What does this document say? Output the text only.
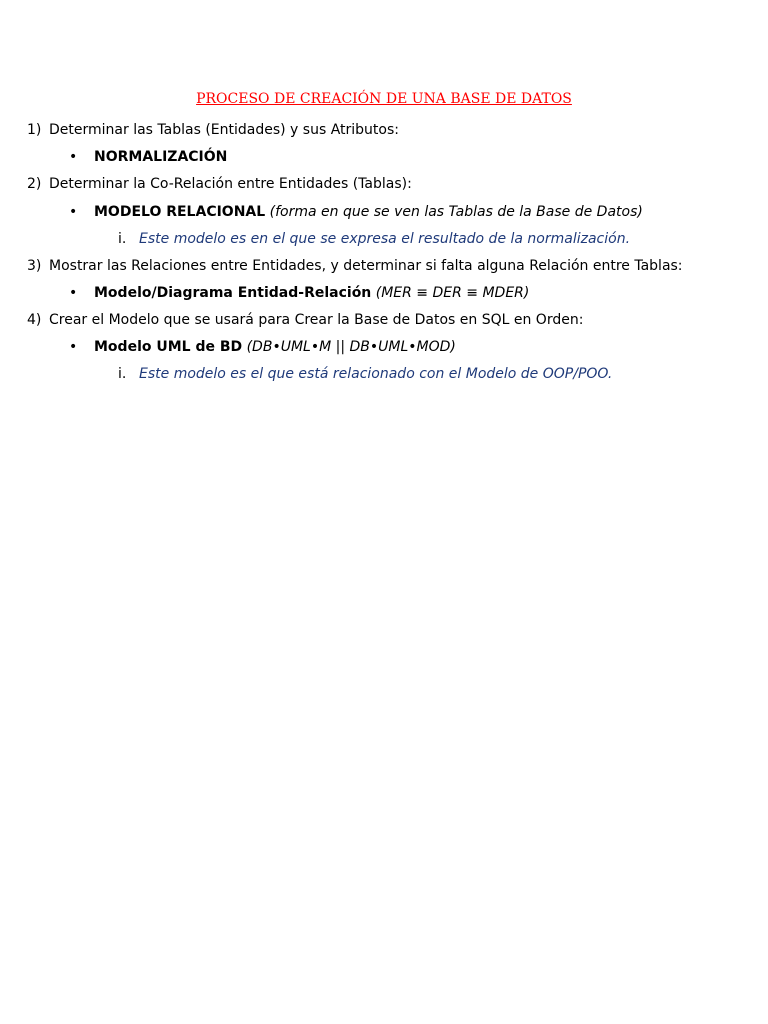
PROCESO DE CREACIÓN DE UNA BASE DE DATOS
1) Determinar las Tablas (Entidades) y sus Atributos:
• NORMALIZACIÓN
2) Determinar la Co-Relación entre Entidades (Tablas):
• MODELO RELACIONAL (forma en que se ven las Tablas de la Base de Datos)
i. Este modelo es en el que se expresa el resultado de la normalización.
3) Mostrar las Relaciones entre Entidades, y determinar si falta alguna Relación entre Tablas:
• Modelo/Diagrama Entidad-Relación (MER ≡ DER ≡ MDER)
4) Crear el Modelo que se usará para Crear la Base de Datos en SQL en Orden:
• Modelo UML de BD (DB•UML•M || DB•UML•MOD)
i. Este modelo es el que está relacionado con el Modelo de OOP/POO.
